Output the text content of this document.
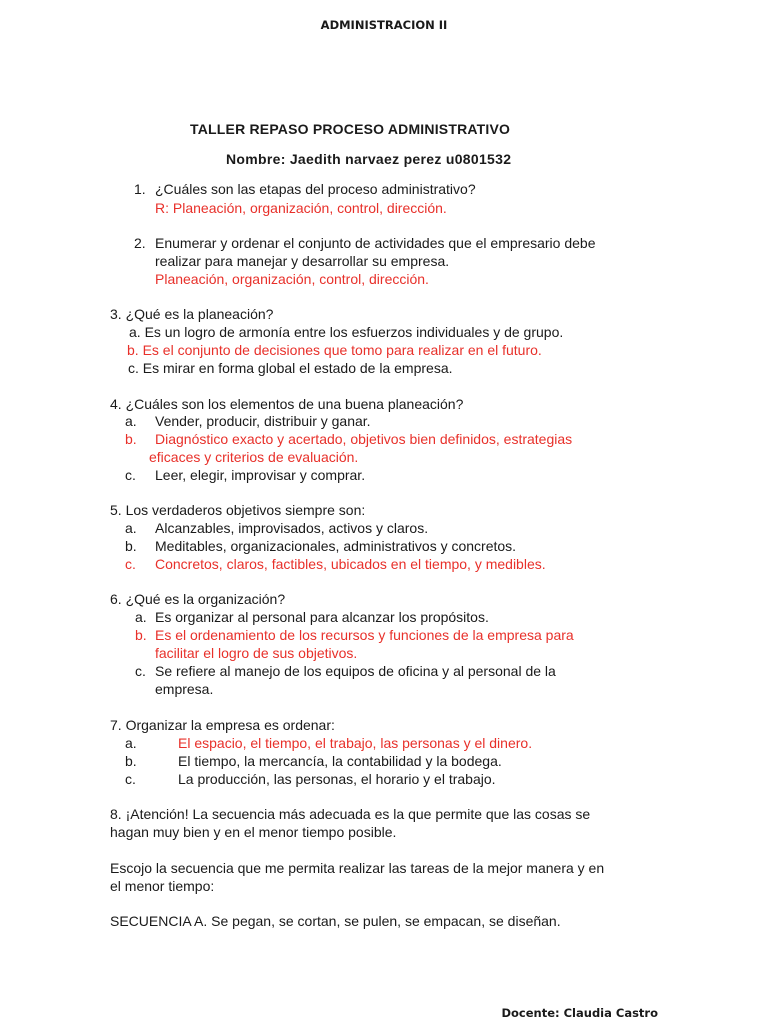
ADMINISTRACION II
TALLER REPASO PROCESO ADMINISTRATIVO
Nombre: Jaedith narvaez perez u0801532
1. ¿Cuáles son las etapas del proceso administrativo?
R: Planeación, organización, control, dirección.
2. Enumerar y ordenar el conjunto de actividades que el empresario debe
realizar para manejar y desarrollar su empresa.
Planeación, organización, control, dirección.
3. ¿Qué es la planeación?
a. Es un logro de armonía entre los esfuerzos individuales y de grupo.
b. Es el conjunto de decisiones que tomo para realizar en el futuro.
c. Es mirar en forma global el estado de la empresa.
4. ¿Cuáles son los elementos de una buena planeación?
a. Vender, producir, distribuir y ganar.
b. Diagnóstico exacto y acertado, objetivos bien definidos, estrategias
eficaces y criterios de evaluación.
c. Leer, elegir, improvisar y comprar.
5. Los verdaderos objetivos siempre son:
a. Alcanzables, improvisados, activos y claros.
b. Meditables, organizacionales, administrativos y concretos.
c. Concretos, claros, factibles, ubicados en el tiempo, y medibles.
6. ¿Qué es la organización?
a. Es organizar al personal para alcanzar los propósitos.
b. Es el ordenamiento de los recursos y funciones de la empresa para
facilitar el logro de sus objetivos.
c. Se refiere al manejo de los equipos de oficina y al personal de la
empresa.
7. Organizar la empresa es ordenar:
a.	El espacio, el tiempo, el trabajo, las personas y el dinero.
b.	El tiempo, la mercancía, la contabilidad y la bodega.
c.	La producción, las personas, el horario y el trabajo.
8. ¡Atención! La secuencia más adecuada es la que permite que las cosas se
hagan muy bien y en el menor tiempo posible.
Escojo la secuencia que me permita realizar las tareas de la mejor manera y en
el menor tiempo:
SECUENCIA A. Se pegan, se cortan, se pulen, se empacan, se diseñan.
Docente: Claudia Castro
